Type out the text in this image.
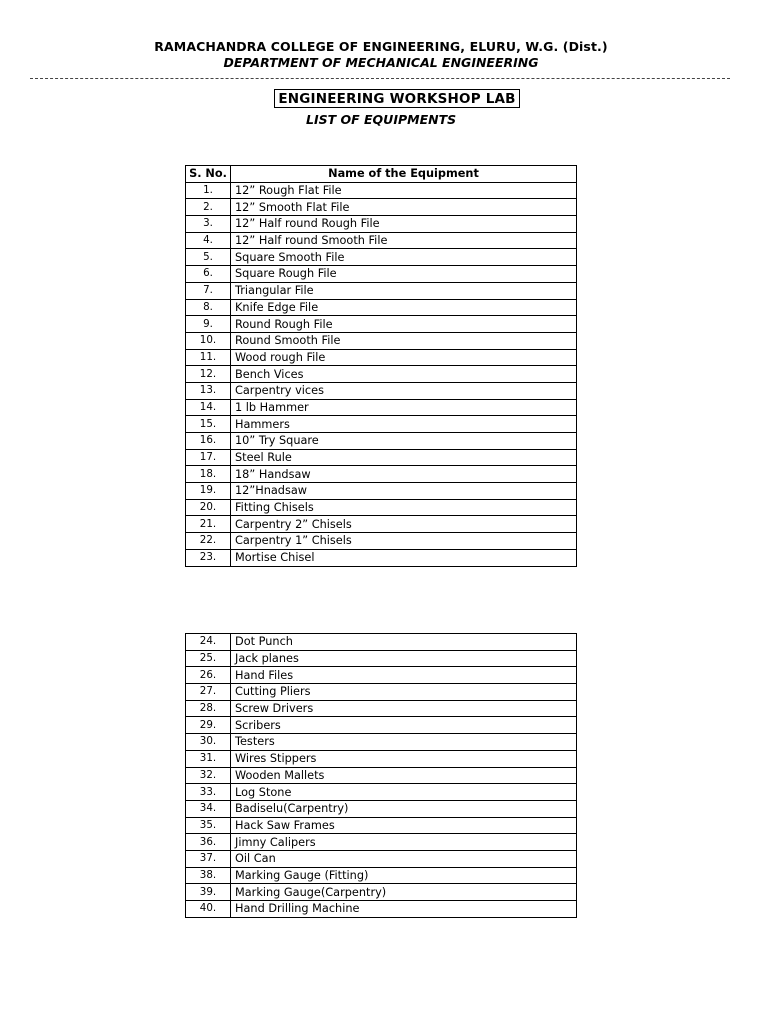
RAMACHANDRA COLLEGE OF ENGINEERING, ELURU, W.G. (Dist.)
DEPARTMENT OF MECHANICAL ENGINEERING
ENGINEERING WORKSHOP LAB
LIST OF EQUIPMENTS
S. No.	Name of the Equipment
1.	12” Rough Flat File
2.	12” Smooth Flat File
3.	12” Half round Rough File
4.	12” Half round Smooth File
5.	Square Smooth File
6.	Square Rough File
7.	Triangular File
8.	Knife Edge File
9.	Round Rough File
10.	Round Smooth File
11.	Wood rough File
12.	Bench Vices
13.	Carpentry vices
14.	1 lb Hammer
15.	Hammers
16.	10” Try Square
17.	Steel Rule
18.	18” Handsaw
19.	12”Hnadsaw
20.	Fitting Chisels
21.	Carpentry 2” Chisels
22.	Carpentry 1” Chisels
23.	Mortise Chisel
24.	Dot Punch
25.	Jack planes
26.	Hand Files
27.	Cutting Pliers
28.	Screw Drivers
29.	Scribers
30.	Testers
31.	Wires Stippers
32.	Wooden Mallets
33.	Log Stone
34.	Badiselu(Carpentry)
35.	Hack Saw Frames
36.	Jimny Calipers
37.	Oil Can
38.	Marking Gauge (Fitting)
39.	Marking Gauge(Carpentry)
40.	Hand Drilling Machine
